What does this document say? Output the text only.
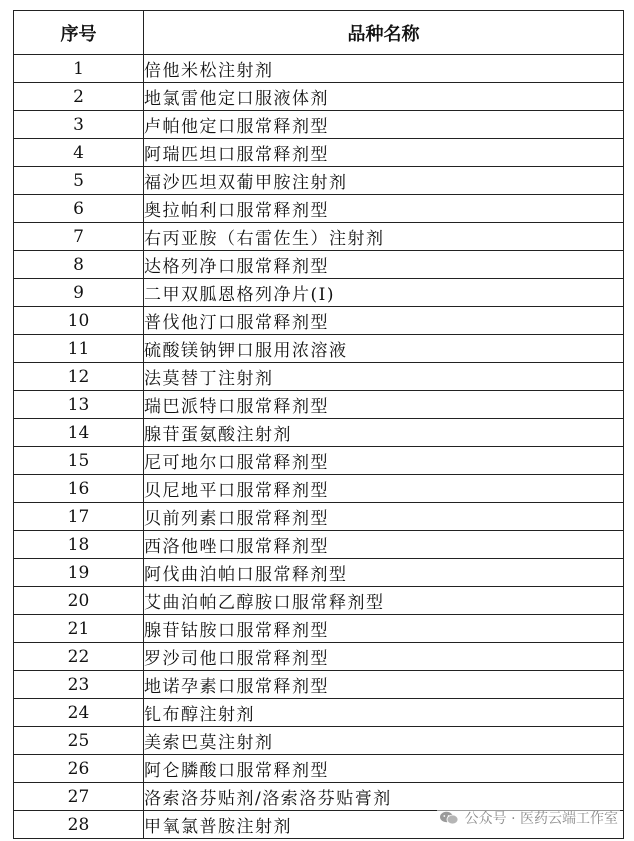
序号	品种名称
1	倍他米松注射剂
2	地氯雷他定口服液体剂
3	卢帕他定口服常释剂型
4	阿瑞匹坦口服常释剂型
5	福沙匹坦双葡甲胺注射剂
6	奥拉帕利口服常释剂型
7	右丙亚胺（右雷佐生）注射剂
8	达格列净口服常释剂型
9	二甲双胍恩格列净片(I)
10	普伐他汀口服常释剂型
11	硫酸镁钠钾口服用浓溶液
12	法莫替丁注射剂
13	瑞巴派特口服常释剂型
14	腺苷蛋氨酸注射剂
15	尼可地尔口服常释剂型
16	贝尼地平口服常释剂型
17	贝前列素口服常释剂型
18	西洛他唑口服常释剂型
19	阿伐曲泊帕口服常释剂型
20	艾曲泊帕乙醇胺口服常释剂型
21	腺苷钴胺口服常释剂型
22	罗沙司他口服常释剂型
23	地诺孕素口服常释剂型
24	钆布醇注射剂
25	美索巴莫注射剂
26	阿仑膦酸口服常释剂型
27	洛索洛芬贴剂/洛索洛芬贴膏剂
28	甲氧氯普胺注射剂	公众号 · 医药云端工作室
